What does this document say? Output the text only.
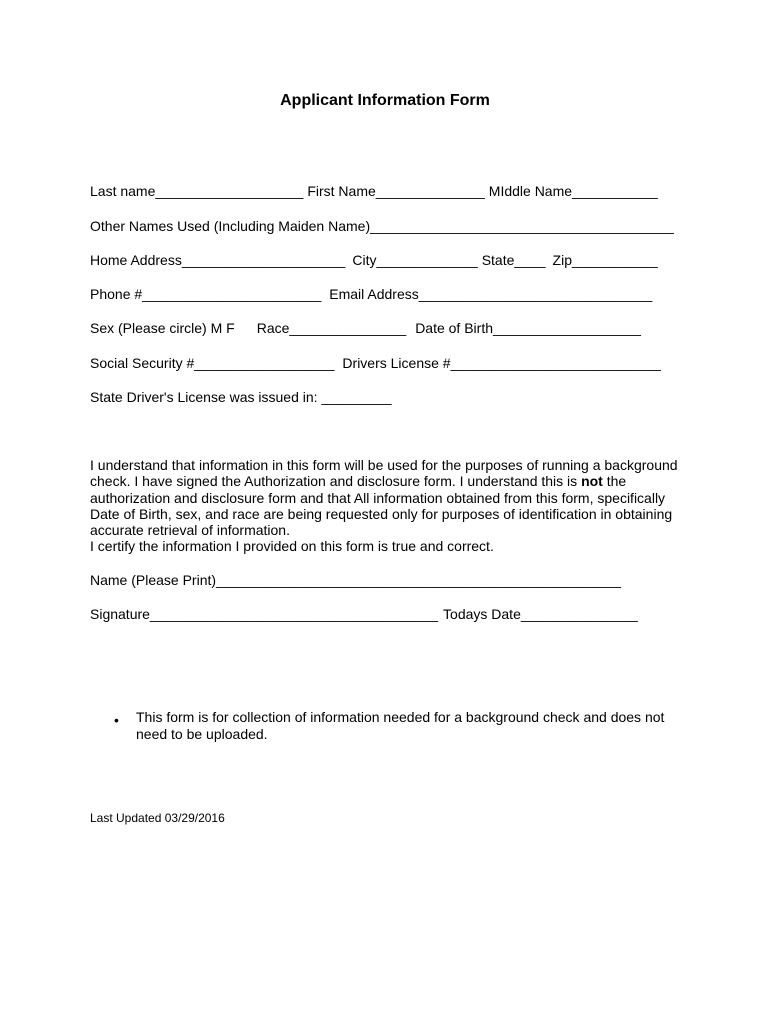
Applicant Information Form
Last name___________________ First Name______________ MIddle Name___________
Other Names Used (Including Maiden Name)_______________________________________
Home Address_____________________ City_____________ State____ Zip___________
Phone #_______________________ Email Address______________________________
Sex (Please circle) M F Race_______________ Date of Birth___________________
Social Security #__________________ Drivers License #___________________________
State Driver's License was issued in: _________
I understand that information in this form will be used for the purposes of running a background
check. I have signed the Authorization and disclosure form. I understand this is not the
authorization and disclosure form and that All information obtained from this form, specifically
Date of Birth, sex, and race are being requested only for purposes of identification in obtaining
accurate retrieval of information.
I certify the information I provided on this form is true and correct.
Name (Please Print)____________________________________________________
Signature_____________________________________ Todays Date_______________
• This form is for collection of information needed for a background check and does not
need to be uploaded.
Last Updated 03/29/2016
